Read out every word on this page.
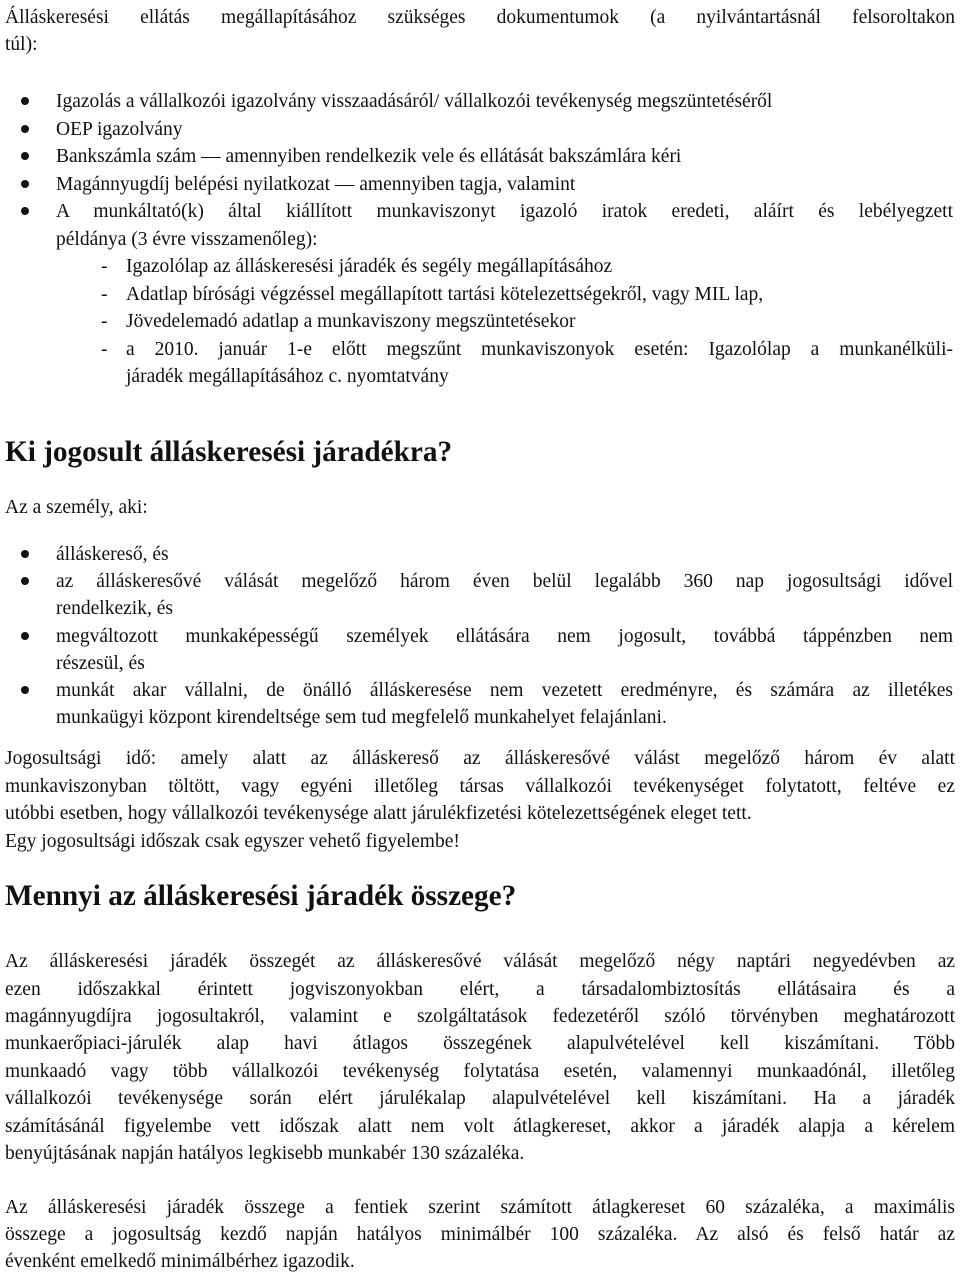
Álláskeresési ellátás megállapításához szükséges dokumentumok (a nyilvántartásnál felsoroltakon
túl):
Igazolás a vállalkozói igazolvány visszaadásáról/ vállalkozói tevékenység megszüntetéséről
OEP igazolvány
Bankszámla szám — amennyiben rendelkezik vele és ellátását bakszámlára kéri
Magánnyugdíj belépési nyilatkozat — amennyiben tagja, valamint
A munkáltató(k) által kiállított munkaviszonyt igazoló iratok eredeti, aláírt és lebélyegzett
példánya (3 évre visszamenőleg):
- Igazolólap az álláskeresési járadék és segély megállapításához
- Adatlap bírósági végzéssel megállapított tartási kötelezettségekről, vagy MIL lap,
- Jövedelemadó adatlap a munkaviszony megszüntetésekor
- a 2010. január 1-e előtt megszűnt munkaviszonyok esetén: Igazolólap a munkanélküli-
járadék megállapításához c. nyomtatvány
Ki jogosult álláskeresési járadékra?
Az a személy, aki:
álláskereső, és
az álláskeresővé válását megelőző három éven belül legalább 360 nap jogosultsági idővel
rendelkezik, és
megváltozott munkaképességű személyek ellátására nem jogosult, továbbá táppénzben nem
részesül, és
munkát akar vállalni, de önálló álláskeresése nem vezetett eredményre, és számára az illetékes
munkaügyi központ kirendeltsége sem tud megfelelő munkahelyet felajánlani.
Jogosultsági idő: amely alatt az álláskereső az álláskeresővé válást megelőző három év alatt
munkaviszonyban töltött, vagy egyéni illetőleg társas vállalkozói tevékenységet folytatott, feltéve ez
utóbbi esetben, hogy vállalkozói tevékenysége alatt járulékfizetési kötelezettségének eleget tett.
Egy jogosultsági időszak csak egyszer vehető figyelembe!
Mennyi az álláskeresési járadék összege?
Az álláskeresési járadék összegét az álláskeresővé válását megelőző négy naptári negyedévben az
ezen időszakkal érintett jogviszonyokban elért, a társadalombiztosítás ellátásaira és a
magánnyugdíjra jogosultakról, valamint e szolgáltatások fedezetéről szóló törvényben meghatározott
munkaerőpiaci-járulék alap havi átlagos összegének alapulvételével kell kiszámítani. Több
munkaadó vagy több vállalkozói tevékenység folytatása esetén, valamennyi munkaadónál, illetőleg
vállalkozói tevékenysége során elért járulékalap alapulvételével kell kiszámítani. Ha a járadék
számításánál figyelembe vett időszak alatt nem volt átlagkereset, akkor a járadék alapja a kérelem
benyújtásának napján hatályos legkisebb munkabér 130 százaléka.
Az álláskeresési járadék összege a fentiek szerint számított átlagkereset 60 százaléka, a maximális
összege a jogosultság kezdő napján hatályos minimálbér 100 százaléka. Az alsó és felső határ az
évenként emelkedő minimálbérhez igazodik.
